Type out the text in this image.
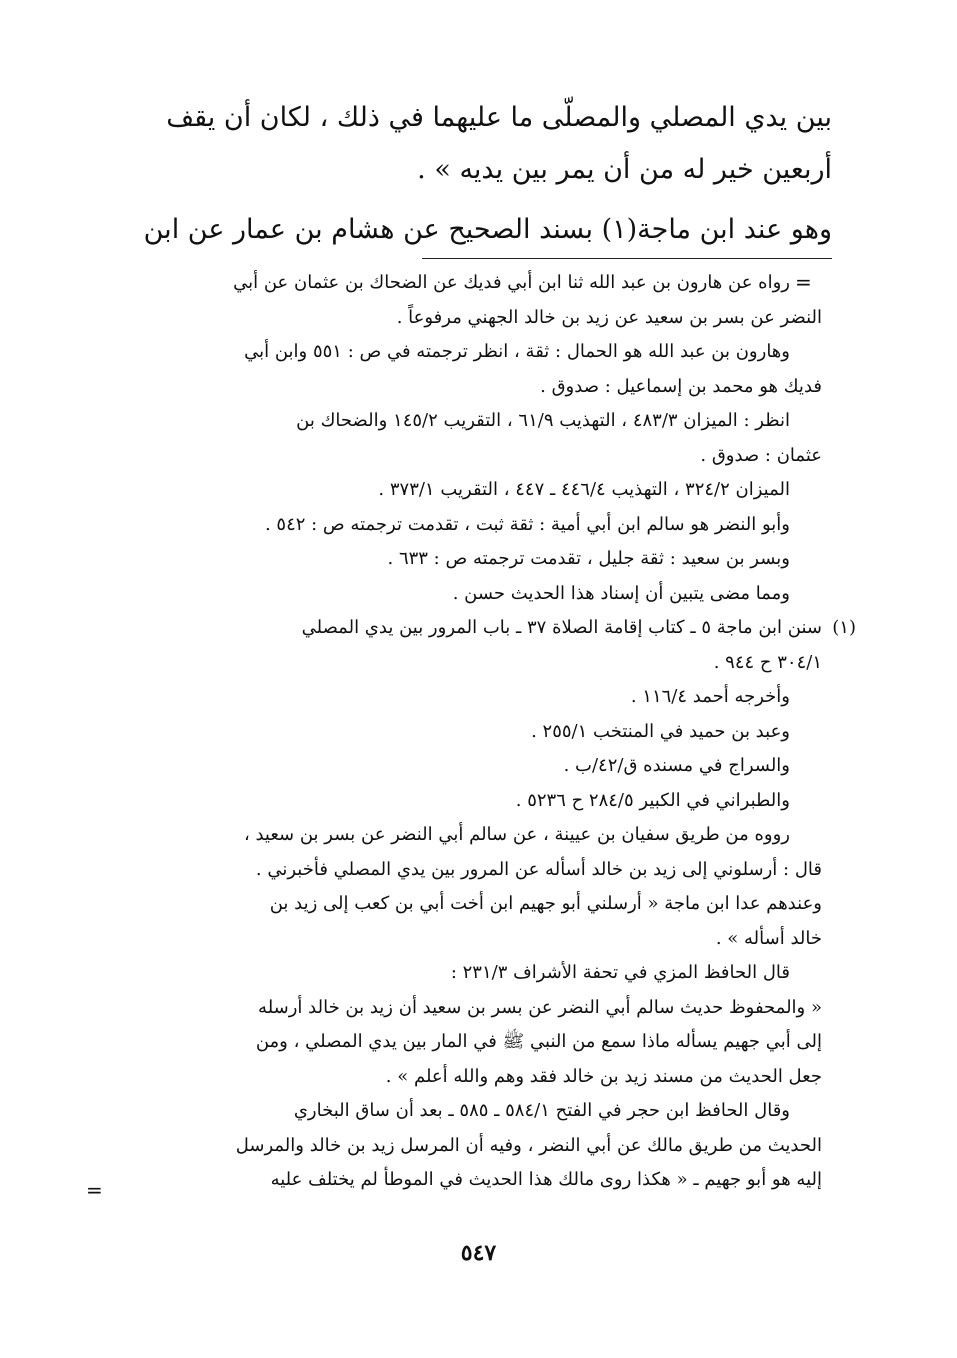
بين يدي المصلي والمصلّى ما عليهما في ذلك ، لكان أن يقف
أربعين خير له من أن يمر بين يديه » .
وهو عند ابن ماجة(١) بسند الصحيح عن هشام بن عمار عن ابن
=
رواه عن هارون بن عبد الله ثنا ابن أبي فديك عن الضحاك بن عثمان عن أبي
النضر عن بسر بن سعيد عن زيد بن خالد الجهني مرفوعاً .
وهارون بن عبد الله هو الحمال : ثقة ، انظر ترجمته في ص : ٥٥١ وابن أبي
فديك هو محمد بن إسماعيل : صدوق .
انظر : الميزان ٤٨٣/٣ ، التهذيب ٦١/٩ ، التقريب ١٤٥/٢ والضحاك بن
عثمان : صدوق .
الميزان ٣٢٤/٢ ، التهذيب ٤٤٦/٤ ـ ٤٤٧ ، التقريب ٣٧٣/١ .
وأبو النضر هو سالم ابن أبي أمية : ثقة ثبت ، تقدمت ترجمته ص : ٥٤٢ .
وبسر بن سعيد : ثقة جليل ، تقدمت ترجمته ص : ٦٣٣ .
ومما مضى يتبين أن إسناد هذا الحديث حسن .
(١)
سنن ابن ماجة ٥ ـ كتاب إقامة الصلاة ٣٧ ـ باب المرور بين يدي المصلي
٣٠٤/١ ح ٩٤٤ .
وأخرجه أحمد ١١٦/٤ .
وعبد بن حميد في المنتخب ٢٥٥/١ .
والسراج في مسنده ق/٤٢/ب .
والطبراني في الكبير ٢٨٤/٥ ح ٥٢٣٦ .
رووه من طريق سفيان بن عيينة ، عن سالم أبي النضر عن بسر بن سعيد ،
قال : أرسلوني إلى زيد بن خالد أسأله عن المرور بين يدي المصلي فأخبرني .
وعندهم عدا ابن ماجة « أرسلني أبو جهيم ابن أخت أبي بن كعب إلى زيد بن
خالد أسأله » .
قال الحافظ المزي في تحفة الأشراف ٢٣١/٣ :
« والمحفوظ حديث سالم أبي النضر عن بسر بن سعيد أن زيد بن خالد أرسله
إلى أبي جهيم يسأله ماذا سمع من النبي ﷺ في المار بين يدي المصلي ، ومن
جعل الحديث من مسند زيد بن خالد فقد وهم والله أعلم » .
وقال الحافظ ابن حجر في الفتح ٥٨٤/١ ـ ٥٨٥ ـ بعد أن ساق البخاري
الحديث من طريق مالك عن أبي النضر ، وفيه أن المرسل زيد بن خالد والمرسل
إليه هو أبو جهيم ـ « هكذا روى مالك هذا الحديث في الموطأ لم يختلف عليه
=
٥٤٧
